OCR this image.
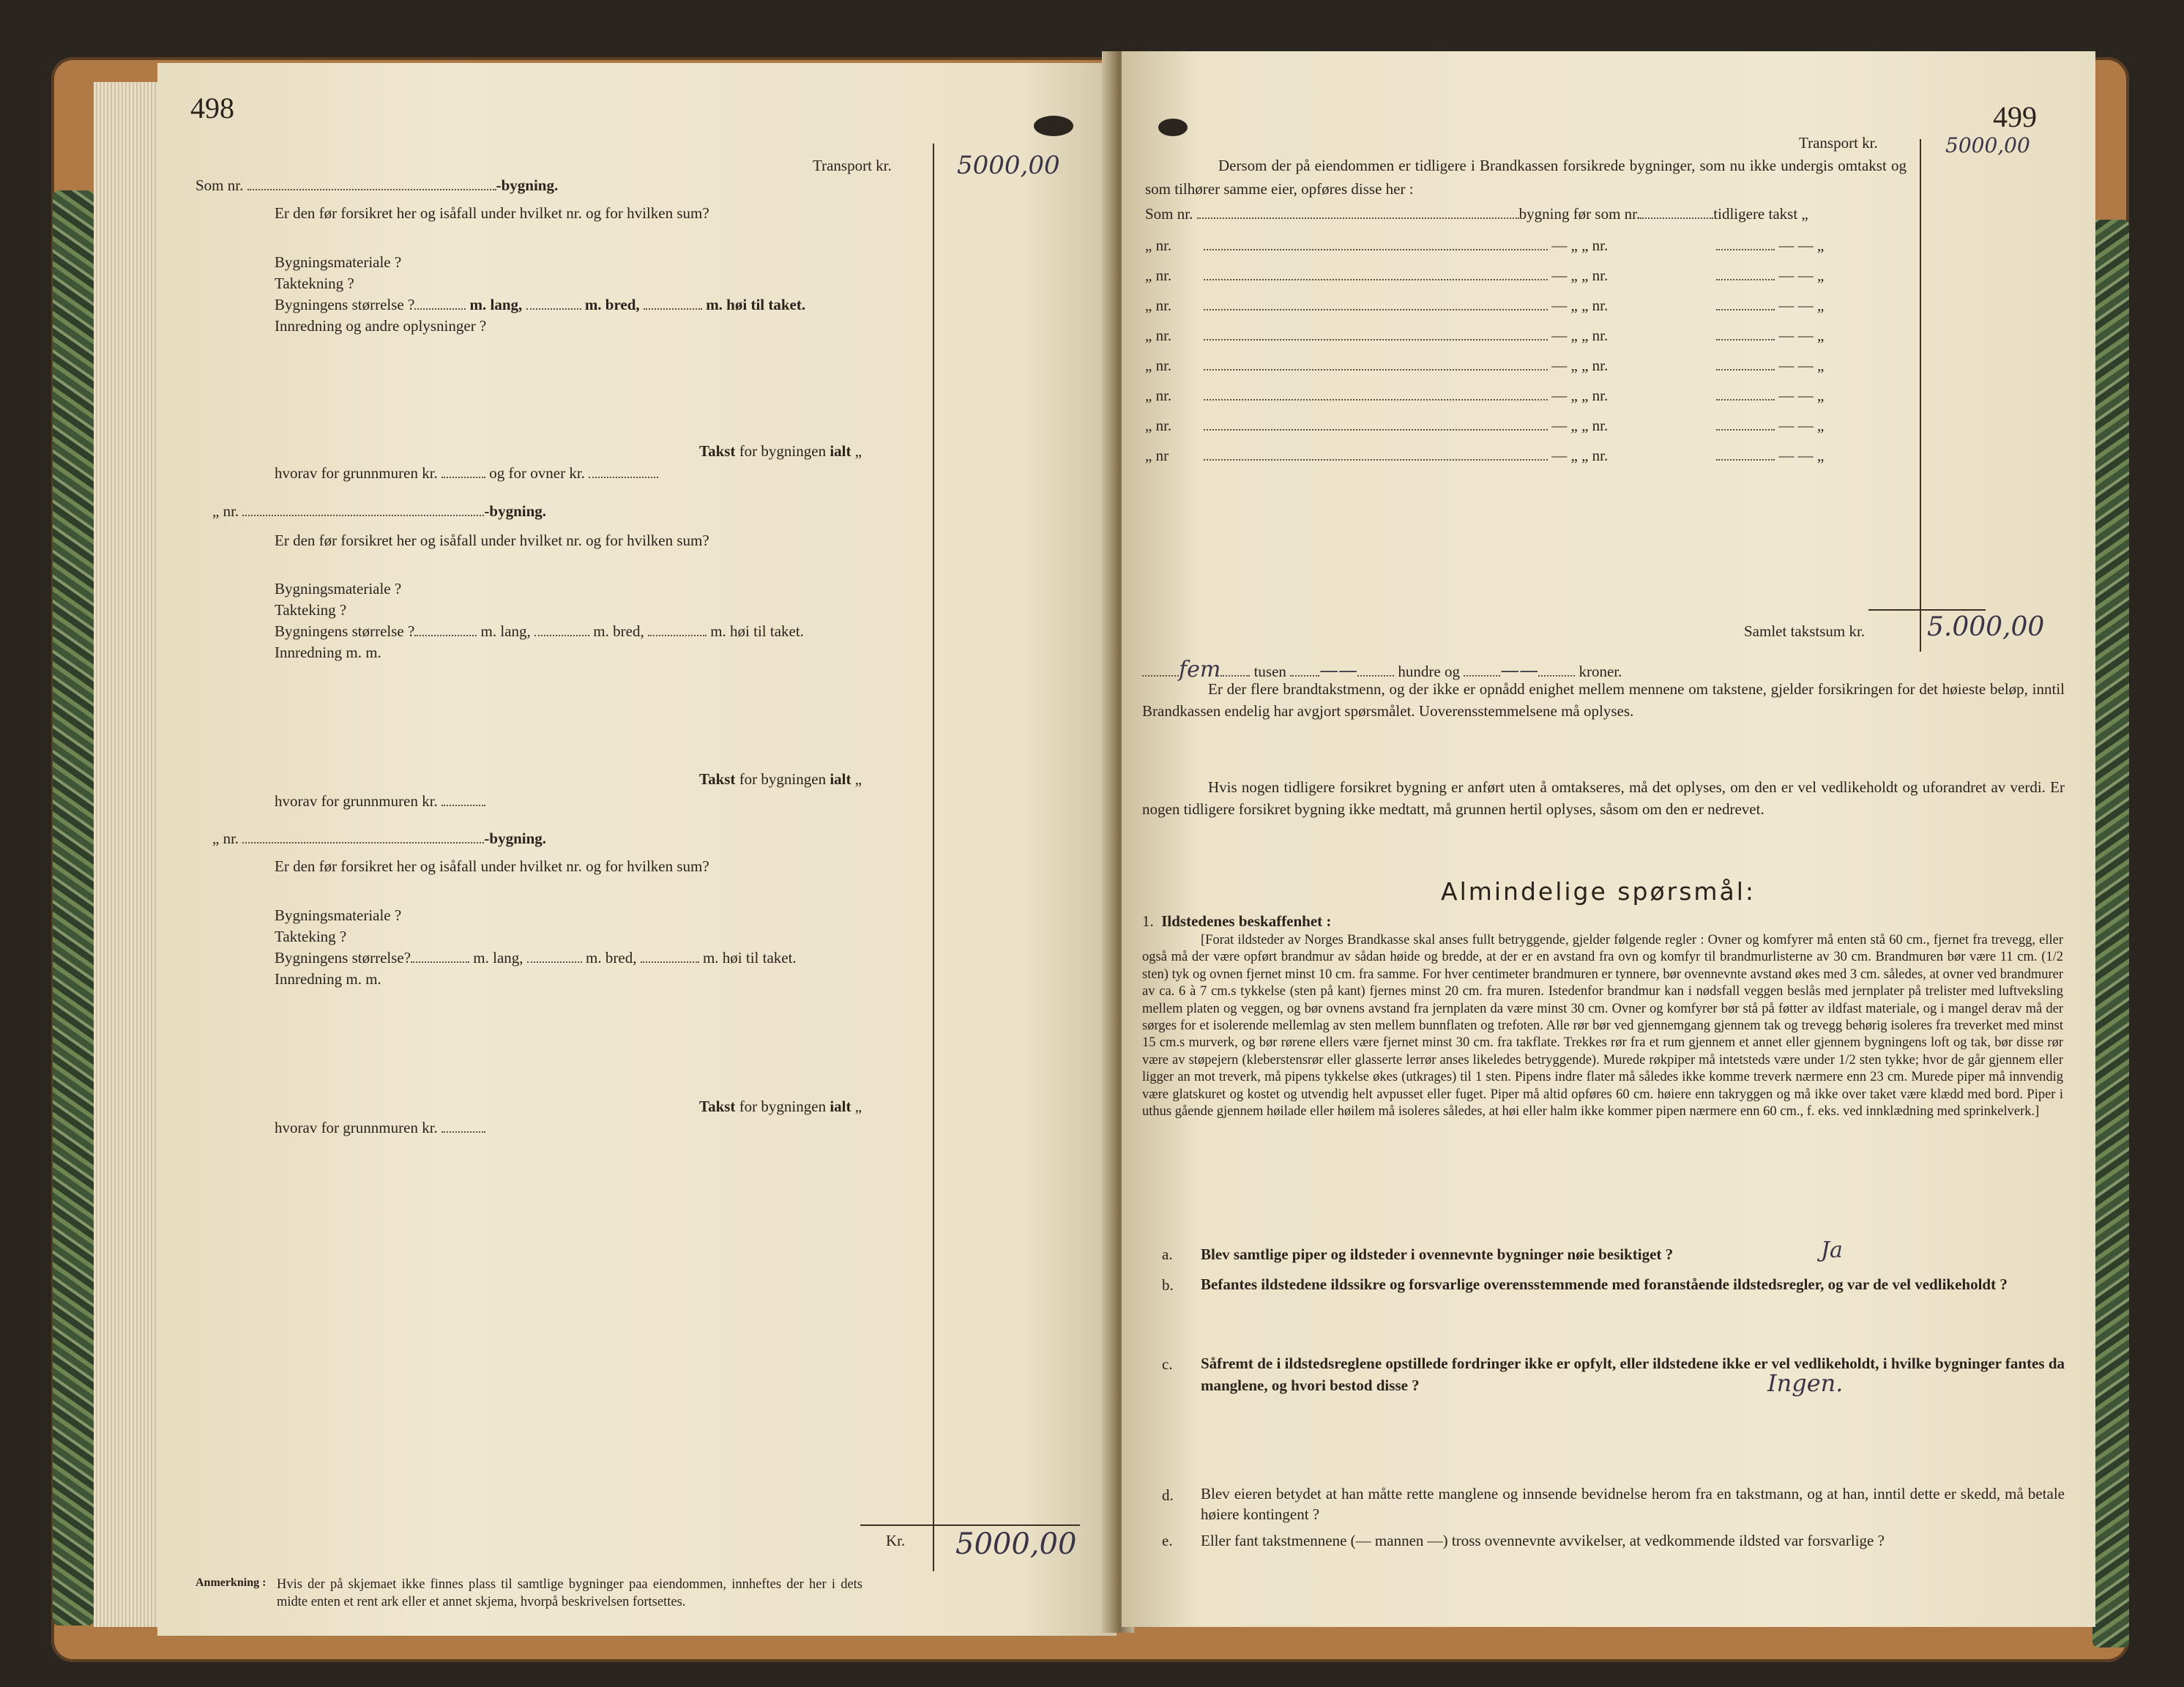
498
Transport kr.	5000,00
Som nr.	-bygning.
Er den før forsikret her og isåfall under hvilket nr. og for hvilken sum?
Bygningsmateriale ?
Taktekning ?
Bygningens størrelse ?	m. lang,	m. bred,	m. høi til taket.
Innredning og andre oplysninger ?
Takst for bygningen ialt „
hvorav for grunnmuren kr.	og for ovner kr.
„ nr.	-bygning.
Er den før forsikret her og isåfall under hvilket nr. og for hvilken sum?
Bygningsmateriale ?
Takteking ?
Bygningens størrelse ?	m. lang,	m. bred,	m. høi til taket.
Innredning m. m.
Takst for bygningen ialt „
hvorav for grunnmuren kr.
„ nr.	-bygning.
Er den før forsikret her og isåfall under hvilket nr. og for hvilken sum?
Bygningsmateriale ?
Takteking ?
Bygningens størrelse?	m. lang,	m. bred,	m. høi til taket.
Innredning m. m.
Takst for bygningen ialt „
hvorav for grunnmuren kr.
Kr. 5000,00
Anmerkning : Hvis der på skjemaet ikke finnes plass til samtlige bygninger paa eiendommen, innheftes der her i dets midte enten et rent ark eller et annet skjema, hvorpå beskrivelsen fortsettes.
499
Transport kr.	5000,00
Dersom der på eiendommen er tidligere i Brandkassen forsikrede bygninger, som nu ikke undergis omtakst og som tilhører samme eier, opføres disse her :
Som nr.	bygning før som nr.	tidligere takst „
„ nr.	— „ „ nr.	— — „
„ nr.	— „ „ nr.	— — „
„ nr.	— „ „ nr.	— — „
„ nr.	— „ „ nr.	— — „
„ nr.	— „ „ nr.	— — „
„ nr.	— „ „ nr.	— — „
„ nr.	— „ „ nr.	— — „
„ nr	— „ „ nr.	— — „
Samlet takstsum kr. 5.000,00
fem tusen ——	hundre og ——	kroner.
Er der flere brandtakstmenn, og der ikke er opnådd enighet mellem mennene om takstene, gjelder forsikringen for det høieste beløp, inntil Brandkassen endelig har avgjort spørsmålet. Uoverensstemmelsene må oplyses.
Hvis nogen tidligere forsikret bygning er anført uten å omtakseres, må det oplyses, om den er vel vedlikeholdt og uforandret av verdi. Er nogen tidligere forsikret bygning ikke medtatt, må grunnen hertil oplyses, såsom om den er nedrevet.
Almindelige spørsmål:
1. Ildstedenes beskaffenhet :
[Forat ildsteder av Norges Brandkasse skal anses fullt betryggende, gjelder følgende regler : Ovner og komfyrer må enten stå 60 cm., fjernet fra trevegg, eller også må der være opført brandmur av sådan høide og bredde, at der er en avstand fra ovn og komfyr til brandmurlisterne av 30 cm. Brandmuren bør være 11 cm. (1/2 sten) tyk og ovnen fjernet minst 10 cm. fra samme. For hver centimeter brandmuren er tynnere, bør ovennevnte avstand økes med 3 cm. således, at ovner ved brandmurer av ca. 6 à 7 cm.s tykkelse (sten på kant) fjernes minst 20 cm. fra muren. Istedenfor brandmur kan i nødsfall veggen beslås med jernplater på trelister med luftveksling mellem platen og veggen, og bør ovnens avstand fra jernplaten da være minst 30 cm. Ovner og komfyrer bør stå på føtter av ildfast materiale, og i mangel derav må der sørges for et isolerende mellemlag av sten mellem bunnflaten og trefoten. Alle rør bør ved gjennemgang gjennem tak og trevegg behørig isoleres fra treverket med minst 15 cm.s murverk, og bør rørene ellers være fjernet minst 30 cm. fra takflate. Trekkes rør fra et rum gjennem et annet eller gjennem bygningens loft og tak, bør disse rør være av støpejern (kleberstensrør eller glasserte lerrør anses likeledes betryggende). Murede røkpiper må intetsteds være under 1/2 sten tykke; hvor de går gjennem eller ligger an mot treverk, må pipens tykkelse økes (utkrages) til 1 sten. Pipens indre flater må således ikke komme treverk nærmere enn 23 cm. Murede piper må innvendig være glatskuret og kostet og utvendig helt avpusset eller fuget. Piper må altid opføres 60 cm. høiere enn takryggen og må ikke over taket være klædd med bord. Piper i uthus gående gjennem høilade eller høilem må isoleres således, at høi eller halm ikke kommer pipen nærmere enn 60 cm., f. eks. ved innklædning med sprinkelverk.]
a. Blev samtlige piper og ildsteder i ovennevnte bygninger nøie besiktiget ?	Ja
b. Befantes ildstedene ildssikre og forsvarlige overensstemmende med foranstående ildstedsregler, og var de vel vedlikeholdt ?
c. Såfremt de i ildstedsreglene opstillede fordringer ikke er opfylt, eller ildstedene ikke er vel vedlikeholdt, i hvilke bygninger fantes da manglene, og hvori bestod disse ?	Ingen.
d. Blev eieren betydet at han måtte rette manglene og innsende bevidnelse herom fra en takstmann, og at han, inntil dette er skedd, må betale høiere kontingent ?
e. Eller fant takstmennene (— mannen —) tross ovennevnte avvikelser, at vedkommende ildsted var forsvarlige ?
